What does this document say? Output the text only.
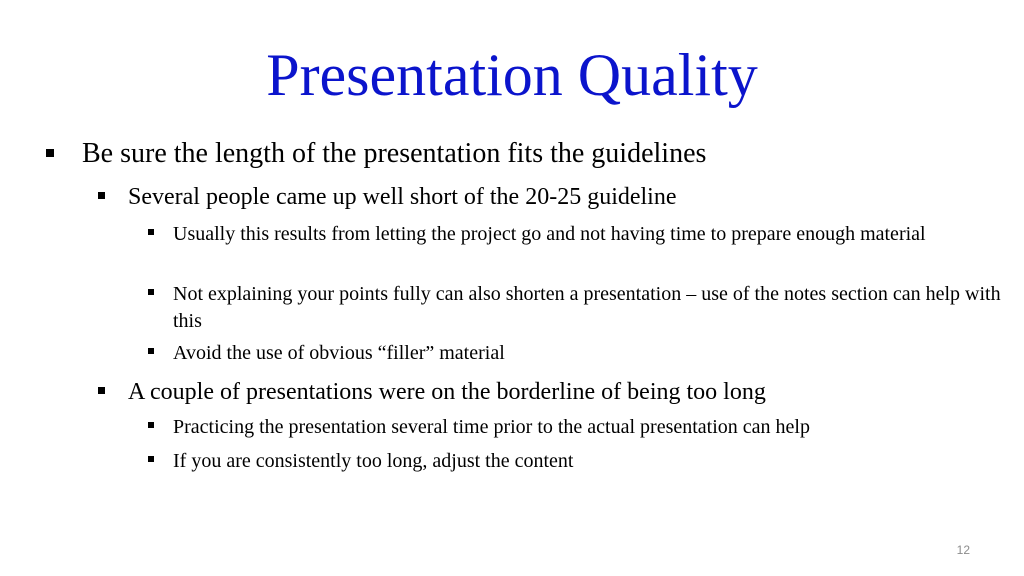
Presentation Quality
Be sure the length of the presentation fits the guidelines
Several people came up well short of the 20-25 guideline
Usually this results from letting the project go and not having time to prepare enough material
Not explaining your points fully can also shorten a presentation – use of the notes section can help with this
Avoid the use of obvious “filler” material
A couple of presentations were on the borderline of being too long
Practicing the presentation several time prior to the actual presentation can help
If you are consistently too long, adjust the content
12
